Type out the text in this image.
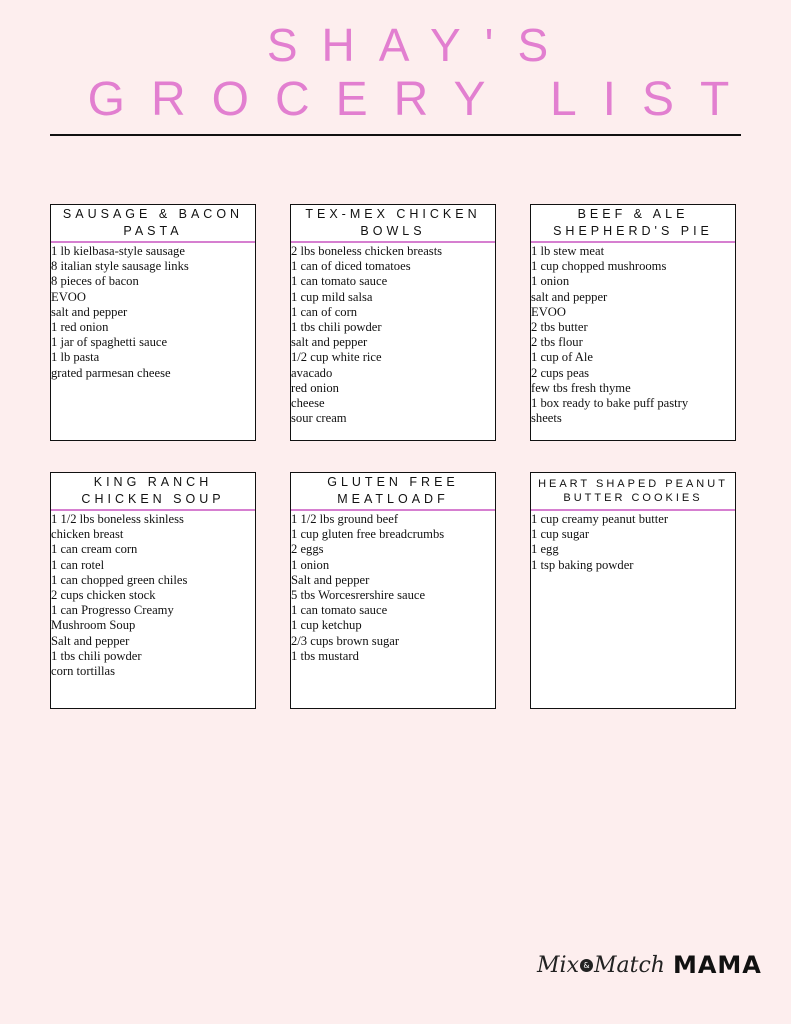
SHAY'S
GROCERY LIST
SAUSAGE & BACON PASTA
1 lb kielbasa-style sausage
8 italian style sausage links
8 pieces of bacon
EVOO
salt and pepper
1 red onion
1 jar of spaghetti sauce
1 lb pasta
grated parmesan cheese
TEX-MEX CHICKEN BOWLS
2 lbs boneless chicken breasts
1 can of diced tomatoes
1 can tomato sauce
1 cup mild salsa
1 can of corn
1 tbs chili powder
salt and pepper
1/2 cup white rice
avacado
red onion
cheese
sour cream
BEEF & ALE SHEPHERD'S PIE
1 lb stew meat
1 cup chopped mushrooms
1 onion
salt and pepper
EVOO
2 tbs butter
2 tbs flour
1 cup of Ale
2 cups peas
few tbs fresh thyme
1 box ready to bake puff pastry
sheets
KING RANCH CHICKEN SOUP
1 1/2 lbs boneless skinless
chicken breast
1 can cream corn
1 can rotel
1 can chopped green chiles
2 cups chicken stock
1 can Progresso Creamy
Mushroom Soup
Salt and pepper
1 tbs chili powder
corn tortillas
GLUTEN FREE MEATLOADF
1 1/2 lbs ground beef
1 cup gluten free breadcrumbs
2 eggs
1 onion
Salt and pepper
5 tbs Worcesrershire sauce
1 can tomato sauce
1 cup ketchup
2/3 cups brown sugar
1 tbs mustard
HEART SHAPED PEANUT BUTTER COOKIES
1 cup creamy peanut butter
1 cup sugar
1 egg
1 tsp baking powder
Mix & Match MAMA
